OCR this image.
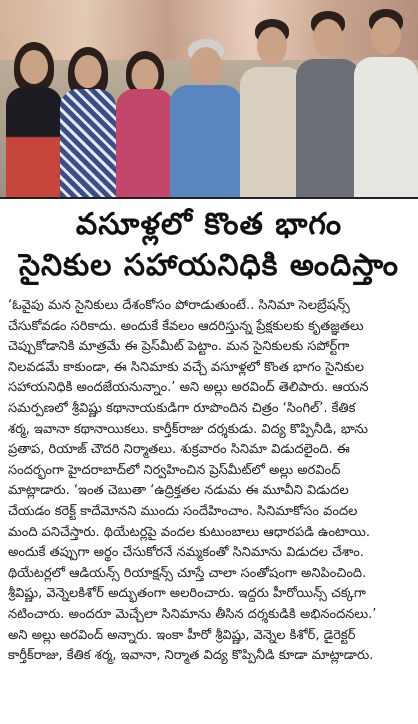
వసూళ్లలో కొంత భాగం
సైనికుల సహాయనిధికి అందిస్తాం

‘ఓవైపు మన సైనికులు దేశంకోసం పోరాడుతుంటే.. సినిమా సెలబ్రేషన్స్

చేసుకోవడం సరికాదు. అందుకే కేవలం ఆదరిస్తున్న ప్రేక్షకులకు కృతజ్ఞతలు

చెప్పుకోడానికి మాత్రమే ఈ ప్రెస్‌మీట్‌ పెట్టాం. మన సైనికులకు సపోర్ట్‌గా

నిలవడమే కాకుండా, ఈ సినిమాకు వచ్చే వసూళ్లలో కొంత భాగం సైనికుల

సహాయనిధికి అందజేయనున్నాం.’ అని అల్లు అరవింద్‌ తెలిపారు. ఆయన

సమర్పణలో శ్రీవిష్ణు కథానాయకుడిగా రూపొందిన చిత్రం ‘సింగిల్‌’. కేతిక

శర్మ, ఇవానా కథానాయికలు. కార్తీక్‌రాజు దర్శకుడు. విద్య కొప్పినీడి, భాను

ప్రతాప, రియాజ్‌ చౌదరి నిర్మాతలు. శుక్రవారం సినిమా విడుదలైంది. ఈ

సందర్భంగా హైదరాబాద్‌లో నిర్వహించిన ప్రెస్‌మీట్‌లో అల్లు అరవింద్‌

మాట్లాడారు. ‘ఇంత చెబుతా ‘ఉద్రిక్తతల నడుమ ఈ మూవీని విడుదల

చేయడం కరెక్ట్‌ కాదేమోనని ముందు సందేహించాం. సినిమాకోసం వందల

మంది పనిచేస్తారు. థియేటర్లపై వందల కుటుంబాలు ఆధారపడి ఉంటాయి.

అందుకే తప్పుగా అర్థం చేసుకోరనే నమ్మకంతో సినిమాను విడుదల చేశాం.

థియేటర్లలో ఆడియన్స్‌ రియాక్షన్స్‌ చూస్తే చాలా సంతోషంగా అనిపించింది.

శ్రీవిష్ణు, వెన్నెలకిశోర్‌ అద్భుతంగా అలరించారు. ఇద్దరు హీరోయిన్స్‌ చక్కగా

నటించారు. అందరూ మెచ్చేలా సినిమాను తీసిన దర్శకుడికి అభినందనలు.’

అని అల్లు అరవింద్‌ అన్నారు. ఇంకా హీరో శ్రీవిష్ణు, వెన్నెల కిశోర్‌, డైరెక్టర్‌

కార్తీక్‌రాజు, కేతిక శర్మ, ఇవానా, నిర్మాత విద్య కొప్పినీడి కూడా మాట్లాడారు.
